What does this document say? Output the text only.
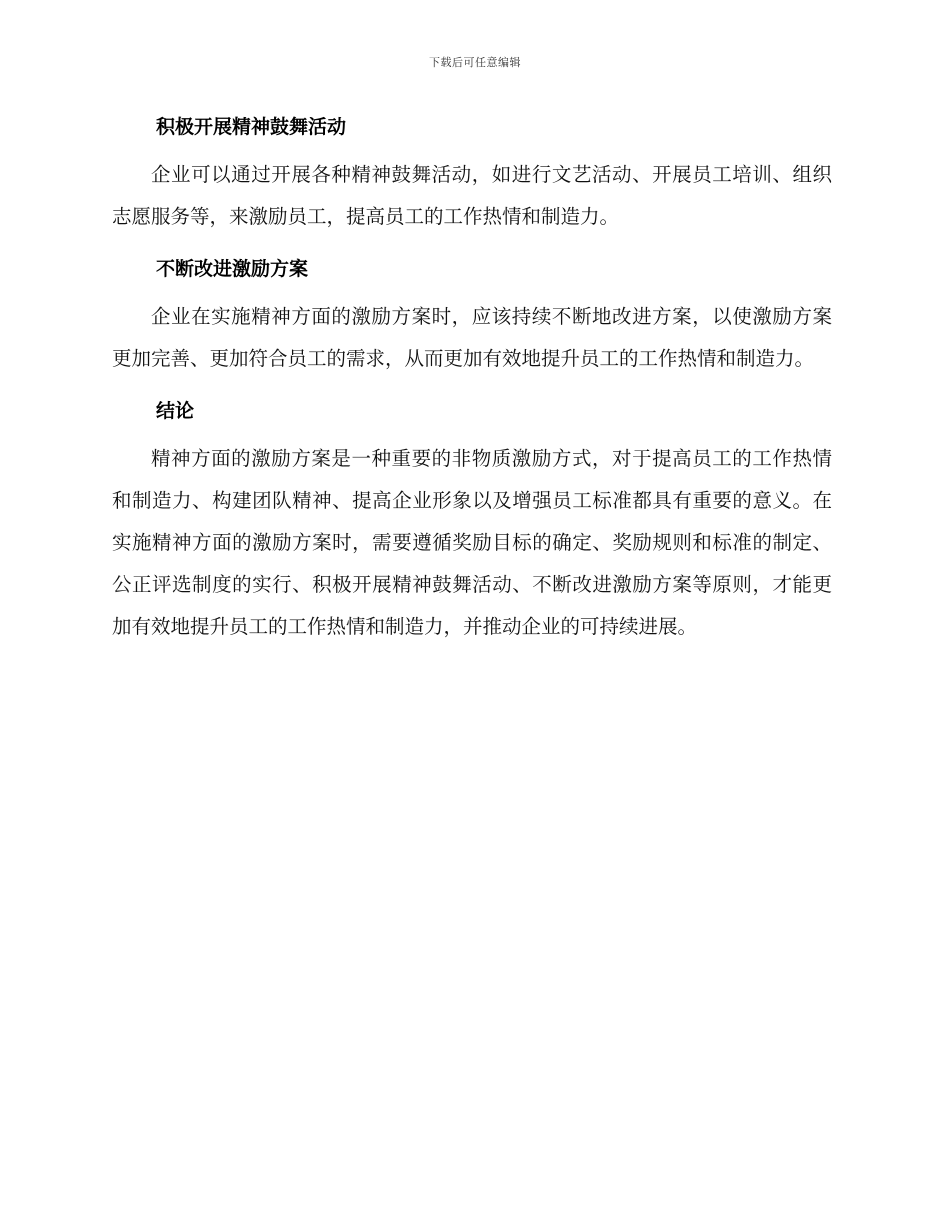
下载后可任意编辑
积极开展精神鼓舞活动

企业可以通过开展各种精神鼓舞活动，如进行文艺活动、开展员工培训、组织志愿服务等，来激励员工，提高员工的工作热情和制造力。

不断改进激励方案

企业在实施精神方面的激励方案时，应该持续不断地改进方案，以使激励方案更加完善、更加符合员工的需求，从而更加有效地提升员工的工作热情和制造力。

结论

精神方面的激励方案是一种重要的非物质激励方式，对于提高员工的工作热情和制造力、构建团队精神、提高企业形象以及增强员工标准都具有重要的意义。在实施精神方面的激励方案时，需要遵循奖励目标的确定、奖励规则和标准的制定、公正评选制度的实行、积极开展精神鼓舞活动、不断改进激励方案等原则，才能更加有效地提升员工的工作热情和制造力，并推动企业的可持续进展。
